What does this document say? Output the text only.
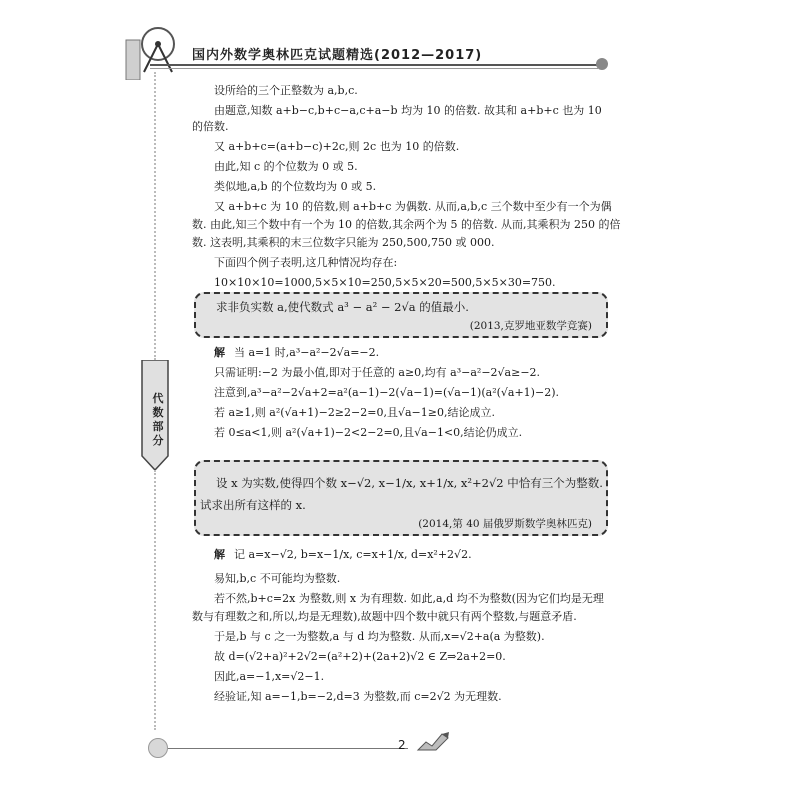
国内外数学奥林匹克试题精选(2012—2017)
代数部分
设所给的三个正整数为 a,b,c.
由题意,知数 a+b−c,b+c−a,c+a−b 均为 10 的倍数. 故其和 a+b+c 也为 10
的倍数.
又 a+b+c=(a+b−c)+2c,则 2c 也为 10 的倍数.
由此,知 c 的个位数为 0 或 5.
类似地,a,b 的个位数均为 0 或 5.
又 a+b+c 为 10 的倍数,则 a+b+c 为偶数. 从而,a,b,c 三个数中至少有一个为偶
数. 由此,知三个数中有一个为 10 的倍数,其余两个为 5 的倍数. 从而,其乘积为 250 的倍
数. 这表明,其乘积的末三位数字只能为 250,500,750 或 000.
下面四个例子表明,这几种情况均存在:
10×10×10=1000,5×5×10=250,5×5×20=500,5×5×30=750.
求非负实数 a,使代数式 a³ − a² − 2√a 的值最小.
(2013,克罗地亚数学竞赛)
解 当 a=1 时,a³−a²−2√a=−2.
只需证明:−2 为最小值,即对于任意的 a≥0,均有 a³−a²−2√a≥−2.
注意到,a³−a²−2√a+2=a²(a−1)−2(√a−1)=(√a−1)(a²(√a+1)−2).
若 a≥1,则 a²(√a+1)−2≥2−2=0,且√a−1≥0,结论成立.
若 0≤a<1,则 a²(√a+1)−2<2−2=0,且√a−1<0,结论仍成立.
设 x 为实数,使得四个数 x−√2, x−1/x, x+1/x, x²+2√2 中恰有三个为整数.
试求出所有这样的 x.
(2014,第 40 届俄罗斯数学奥林匹克)
解 记 a=x−√2, b=x−1/x, c=x+1/x, d=x²+2√2.
易知,b,c 不可能均为整数.
若不然,b+c=2x 为整数,则 x 为有理数. 如此,a,d 均不为整数(因为它们均是无理
数与有理数之和,所以,均是无理数),故题中四个数中就只有两个整数,与题意矛盾.
于是,b 与 c 之一为整数,a 与 d 均为整数. 从而,x=√2+a(a 为整数).
故 d=(√2+a)²+2√2=(a²+2)+(2a+2)√2 ∈ Z⇒2a+2=0.
因此,a=−1,x=√2−1.
经验证,知 a=−1,b=−2,d=3 为整数,而 c=2√2 为无理数.
2
